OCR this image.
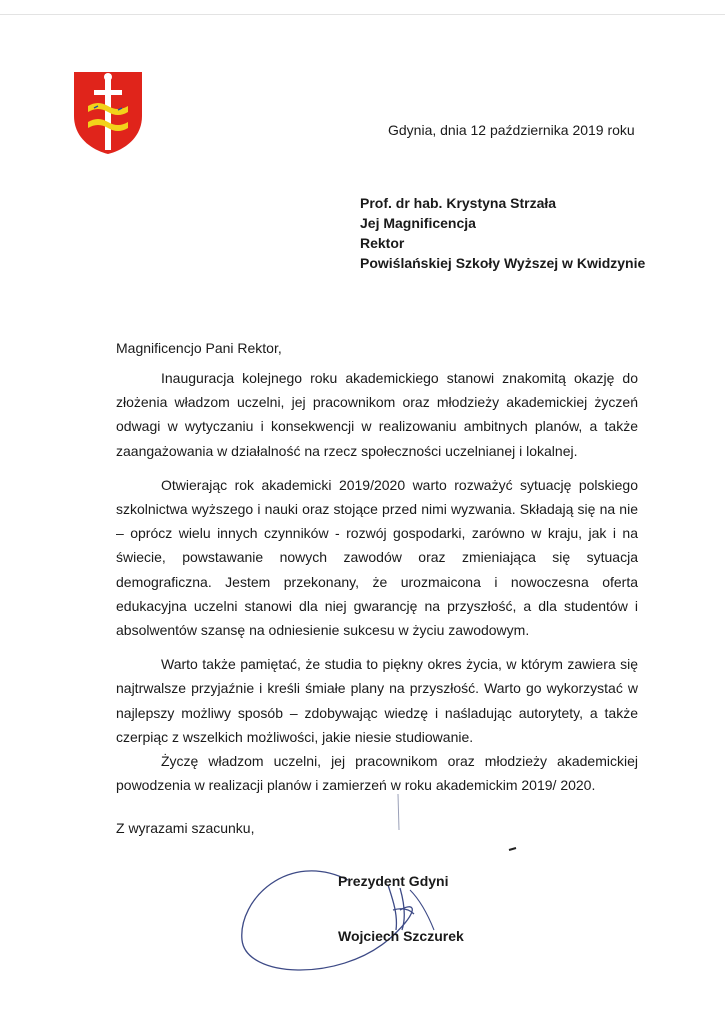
Gdynia, dnia 12 października 2019 roku
Prof. dr hab. Krystyna Strzała
Jej Magnificencja
Rektor
Powiślańskiej Szkoły Wyższej w Kwidzynie
Magnificencjo Pani Rektor,

Inauguracja kolejnego roku akademickiego stanowi znakomitą okazję do złożenia władzom uczelni, jej pracownikom oraz młodzieży akademickiej życzeń odwagi w wytyczaniu i konsekwencji w realizowaniu ambitnych planów, a także zaangażowania w działalność na rzecz społeczności uczelnianej i lokalnej.

Otwierając rok akademicki 2019/2020 warto rozważyć sytuację polskiego szkolnictwa wyższego i nauki oraz stojące przed nimi wyzwania. Składają się na nie – oprócz wielu innych czynników - rozwój gospodarki, zarówno w kraju, jak i na świecie, powstawanie nowych zawodów oraz zmieniająca się sytuacja demograficzna. Jestem przekonany, że urozmaicona i nowoczesna oferta edukacyjna uczelni stanowi dla niej gwarancję na przyszłość, a dla studentów i absolwentów szansę na odniesienie sukcesu w życiu zawodowym.

Warto także pamiętać, że studia to piękny okres życia, w którym zawiera się najtrwalsze przyjaźnie i kreśli śmiałe plany na przyszłość. Warto go wykorzystać w najlepszy możliwy sposób – zdobywając wiedzę i naśladując autorytety, a także czerpiąc z wszelkich możliwości, jakie niesie studiowanie.

Życzę władzom uczelni, jej pracownikom oraz młodzieży akademickiej powodzenia w realizacji planów i zamierzeń w roku akademickim 2019/ 2020.

Z wyrazami szacunku,
Prezydent Gdyni
Wojciech Szczurek
